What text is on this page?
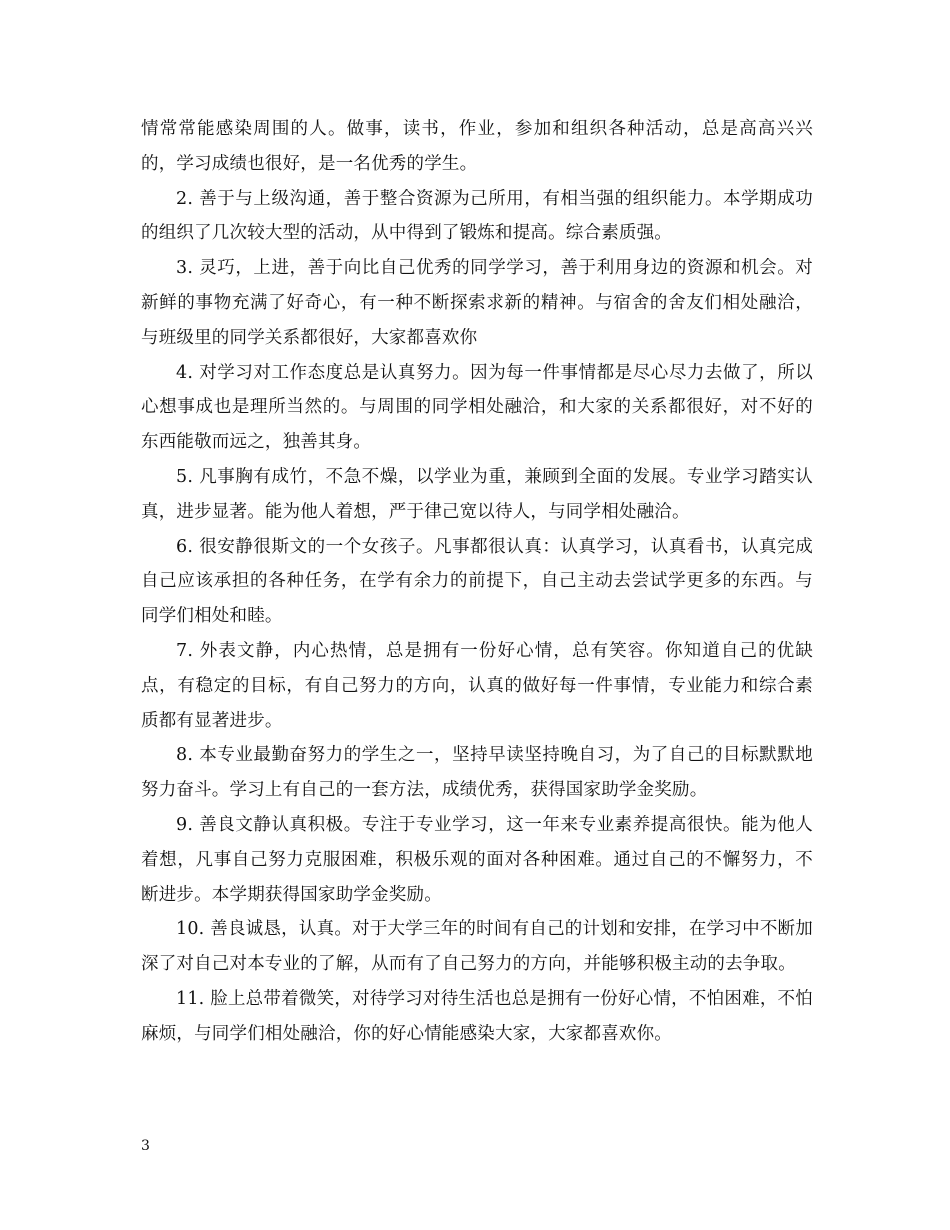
情常常能感染周围的人。做事，读书，作业，参加和组织各种活动，总是高高兴兴的，学习成绩也很好，是一名优秀的学生。

2. 善于与上级沟通，善于整合资源为己所用，有相当强的组织能力。本学期成功的组织了几次较大型的活动，从中得到了锻炼和提高。综合素质强。

3. 灵巧，上进，善于向比自己优秀的同学学习，善于利用身边的资源和机会。对新鲜的事物充满了好奇心，有一种不断探索求新的精神。与宿舍的舍友们相处融洽，与班级里的同学关系都很好，大家都喜欢你

4. 对学习对工作态度总是认真努力。因为每一件事情都是尽心尽力去做了，所以心想事成也是理所当然的。与周围的同学相处融洽，和大家的关系都很好，对不好的东西能敬而远之，独善其身。

5. 凡事胸有成竹，不急不燥，以学业为重，兼顾到全面的发展。专业学习踏实认真，进步显著。能为他人着想，严于律己宽以待人，与同学相处融洽。

6. 很安静很斯文的一个女孩子。凡事都很认真：认真学习，认真看书，认真完成自己应该承担的各种任务，在学有余力的前提下，自己主动去尝试学更多的东西。与同学们相处和睦。

7. 外表文静，内心热情，总是拥有一份好心情，总有笑容。你知道自己的优缺点，有稳定的目标，有自己努力的方向，认真的做好每一件事情，专业能力和综合素质都有显著进步。

8. 本专业最勤奋努力的学生之一，坚持早读坚持晚自习，为了自己的目标默默地努力奋斗。学习上有自己的一套方法，成绩优秀，获得国家助学金奖励。

9. 善良文静认真积极。专注于专业学习，这一年来专业素养提高很快。能为他人着想，凡事自己努力克服困难，积极乐观的面对各种困难。通过自己的不懈努力，不断进步。本学期获得国家助学金奖励。

10. 善良诚恳，认真。对于大学三年的时间有自己的计划和安排，在学习中不断加深了对自己对本专业的了解，从而有了自己努力的方向，并能够积极主动的去争取。

11. 脸上总带着微笑，对待学习对待生活也总是拥有一份好心情，不怕困难，不怕麻烦，与同学们相处融洽，你的好心情能感染大家，大家都喜欢你。

3
